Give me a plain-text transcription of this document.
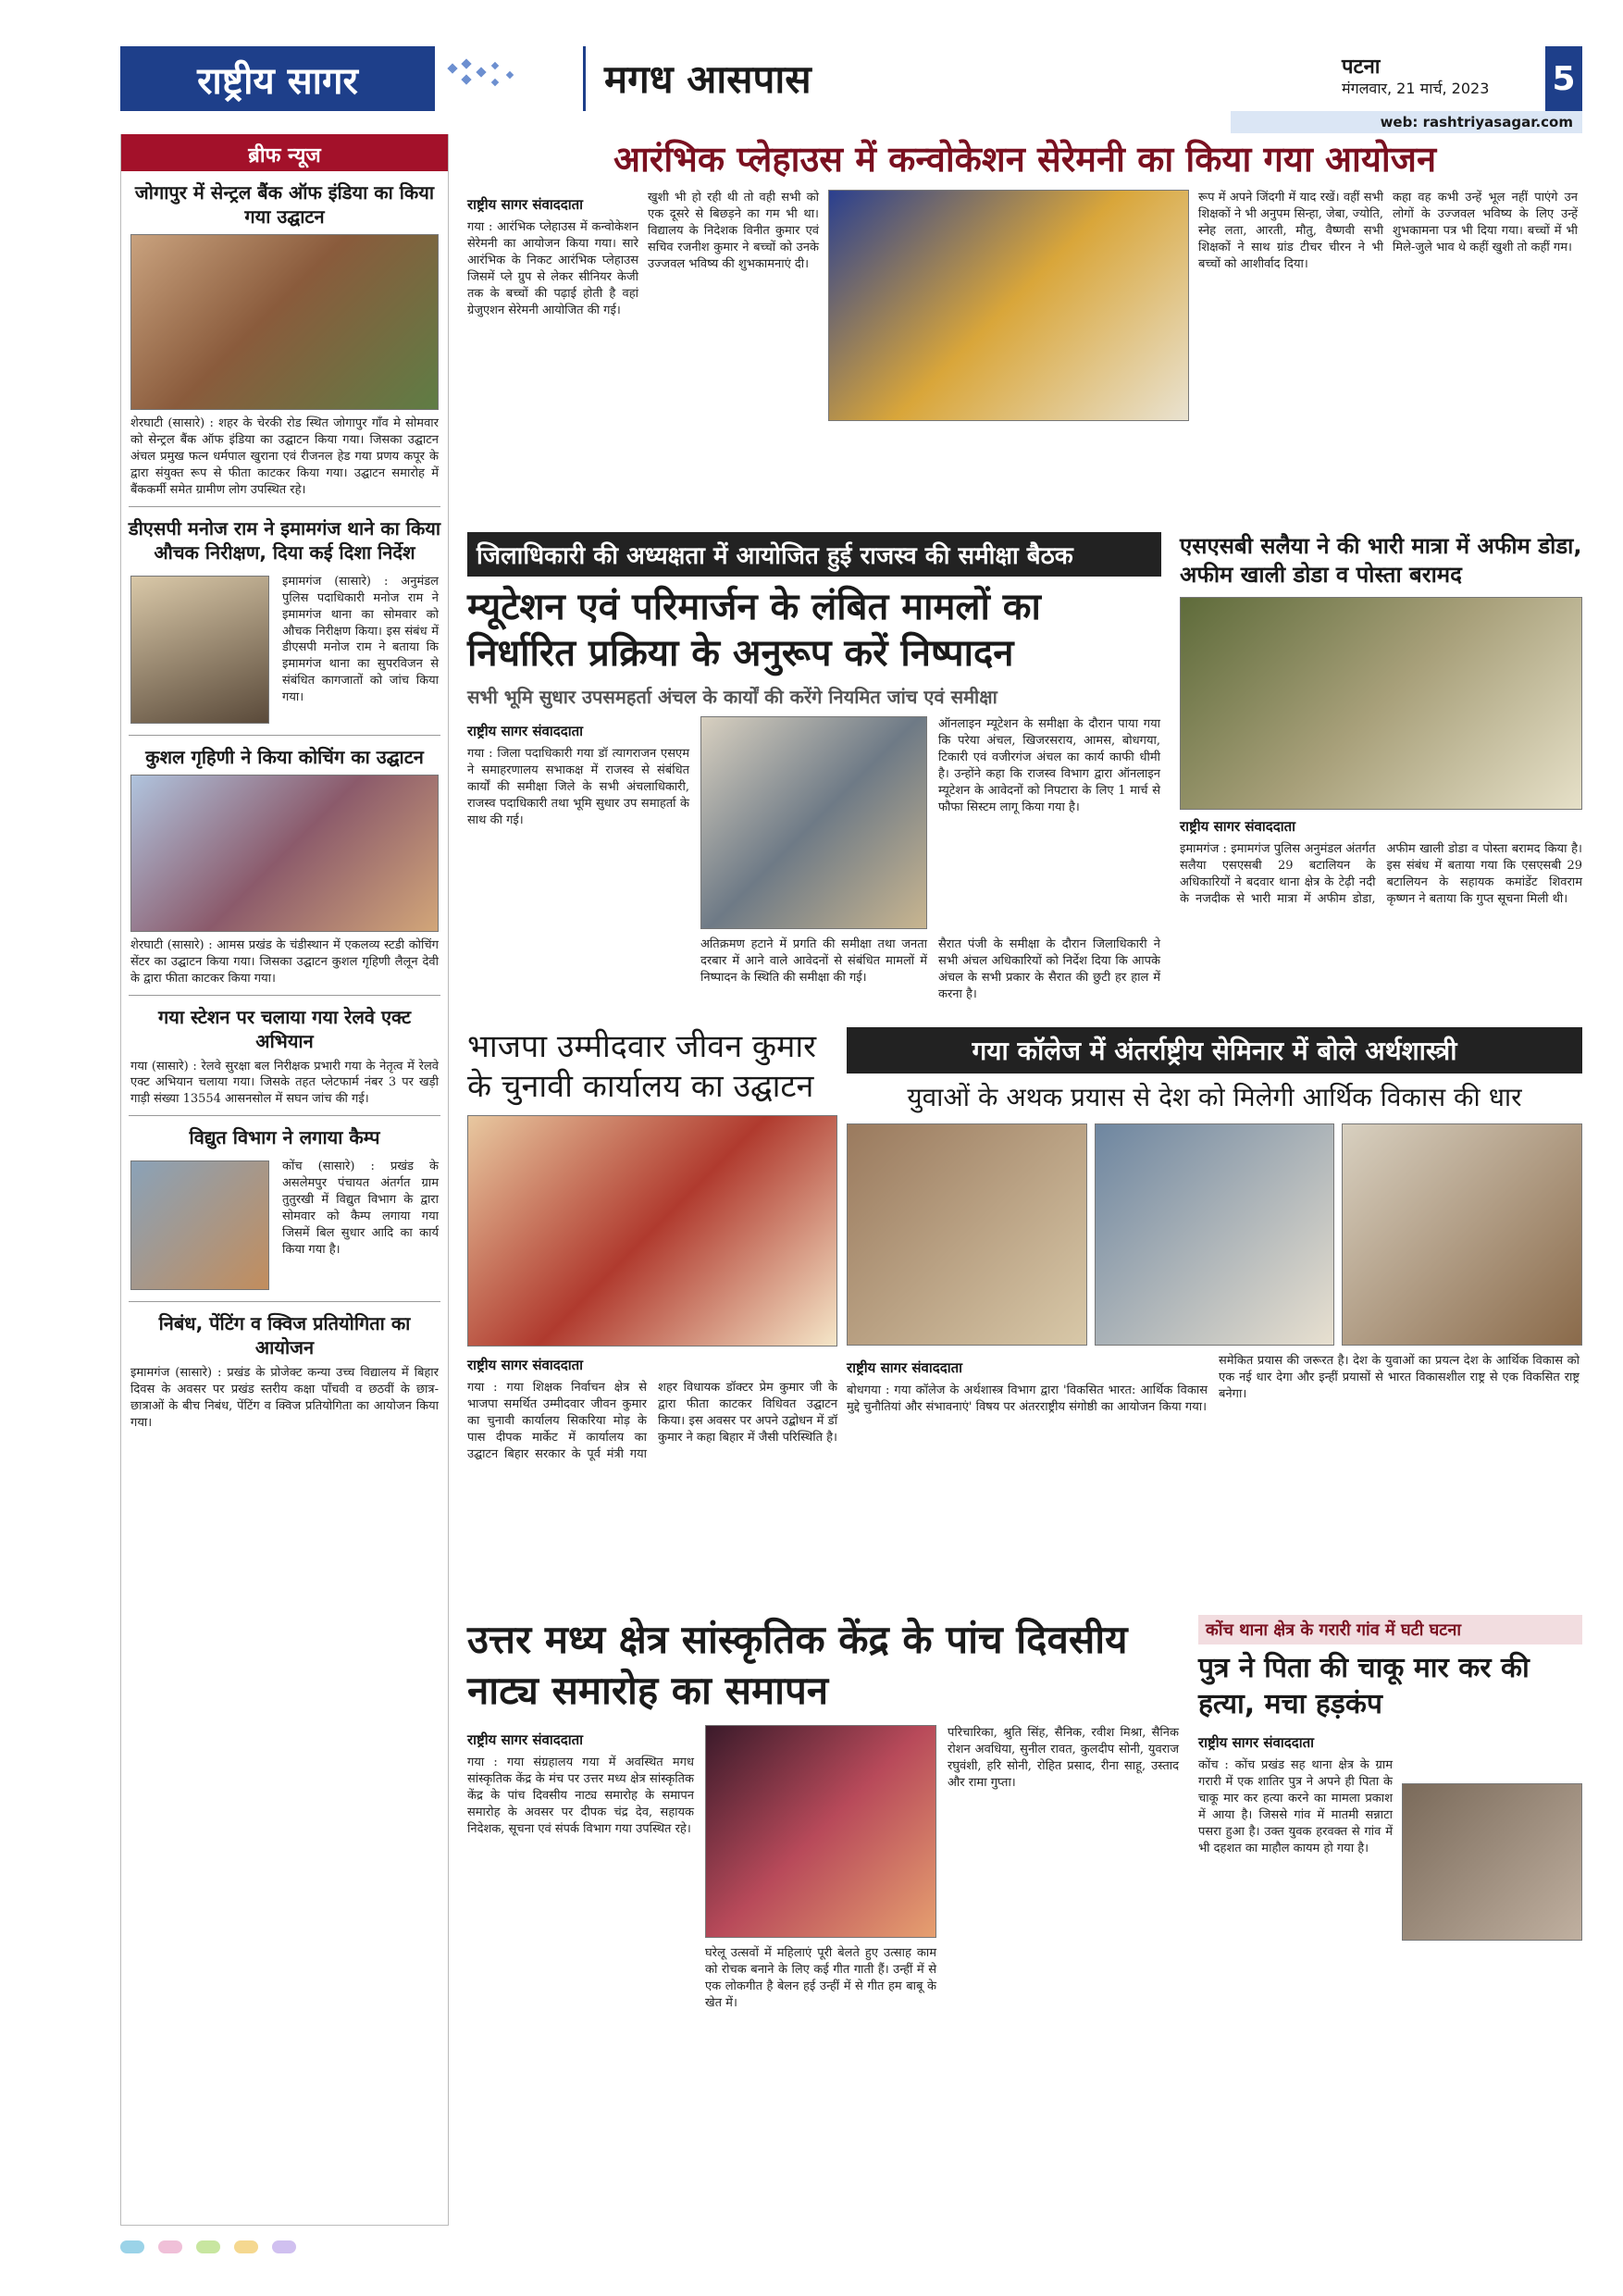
राष्ट्रीय सागर	मगध आसपास	पटना
मंगलवार, 21 मार्च, 2023 5
web: rashtriyasagar.com
ब्रीफ न्यूज
जोगापुर में सेन्ट्रल बैंक ऑफ इंडिया का किया गया उद्घाटन
शेरघाटी (सासारे) : शहर के चेरकी रोड स्थित जोगापुर गाँव मे सोमवार को सेन्ट्रल बैंक ऑफ इंडिया का उद्घाटन किया गया। जिसका उद्घाटन अंचल प्रमुख फत्न धर्मपाल खुराना एवं रीजनल हेड गया प्रणय कपूर के द्वारा संयुक्त रूप से फीता काटकर किया गया। उद्घाटन समारोह में बैंककर्मी समेत ग्रामीण लोग उपस्थित रहे।
डीएसपी मनोज राम ने इमामगंज थाने का किया औचक निरीक्षण, दिया कई दिशा निर्देश
इमामगंज (सासारे) : अनुमंडल पुलिस पदाधिकारी मनोज राम ने इमामगंज थाना का सोमवार को औचक निरीक्षण किया। इस संबंध में डीएसपी मनोज राम ने बताया कि इमामगंज थाना का सुपरविजन से संबंधित कागजातों को जांच किया गया।
कुशल गृहिणी ने किया कोचिंग का उद्घाटन
शेरघाटी (सासारे) : आमस प्रखंड के चंडीस्थान में एकलव्य स्टडी कोचिंग सेंटर का उद्घाटन किया गया। जिसका उद्घाटन कुशल गृहिणी लैलून देवी के द्वारा फीता काटकर किया गया।
गया स्टेशन पर चलाया गया रेलवे एक्ट अभियान
गया (सासारे) : रेलवे सुरक्षा बल निरीक्षक प्रभारी गया के नेतृत्व में रेलवे एक्ट अभियान चलाया गया। जिसके तहत प्लेटफार्म नंबर 3 पर खड़ी गाड़ी संख्या 13554 आसनसोल में सघन जांच की गई।
विद्युत विभाग ने लगाया कैम्प
कोंच (सासारे) : प्रखंड के असलेमपुर पंचायत अंतर्गत ग्राम तुतुरखी में विद्युत विभाग के द्वारा सोमवार को कैम्प लगाया गया जिसमें बिल सुधार आदि का कार्य किया गया है।
निबंध, पेंटिंग व क्विज प्रतियोगिता का आयोजन
इमामगंज (सासारे) : प्रखंड के प्रोजेक्ट कन्या उच्च विद्यालय में बिहार दिवस के अवसर पर प्रखंड स्तरीय कक्षा पाँचवी व छठवीं के छात्र-छात्राओं के बीच निबंध, पेंटिंग व क्विज प्रतियोगिता का आयोजन किया गया।
आरंभिक प्लेहाउस में कन्वोकेशन सेरेमनी का किया गया आयोजन
राष्ट्रीय सागर संवाददाता
गया : आरंभिक प्लेहाउस में कन्वोकेशन सेरेमनी का आयोजन किया गया। सारे आरंभिक के निकट आरंभिक प्लेहाउस जिसमें प्ले ग्रुप से लेकर सीनियर केजी तक के बच्चों की पढ़ाई होती है वहां ग्रेजुएशन सेरेमनी आयोजित की गई।
खुशी भी हो रही थी तो वही सभी को एक दूसरे से बिछड़ने का गम भी था। विद्यालय के निदेशक विनीत कुमार एवं सचिव रजनीश कुमार ने बच्चों को उनके उज्जवल भविष्य की शुभकामनाएं दी।
रूप में अपने जिंदगी में याद रखें। वहीं सभी शिक्षकों ने भी अनुपम सिन्हा, जेबा, ज्योति, स्नेह लता, आरती, मौतु, वैष्णवी सभी शिक्षकों ने साथ ग्रांड टीचर चीरन ने भी बच्चों को आशीर्वाद दिया।
कहा वह कभी उन्हें भूल नहीं पाएंगे उन लोगों के उज्जवल भविष्य के लिए उन्हें शुभकामना पत्र भी दिया गया। बच्चों में भी मिले-जुले भाव थे कहीं खुशी तो कहीं गम।
जिलाधिकारी की अध्यक्षता में आयोजित हुई राजस्व की समीक्षा बैठक
म्यूटेशन एवं परिमार्जन के लंबित मामलों का निर्धारित प्रक्रिया के अनुरूप करें निष्पादन
सभी भूमि सुधार उपसमहर्ता अंचल के कार्यों की करेंगे नियमित जांच एवं समीक्षा
राष्ट्रीय सागर संवाददाता
गया : जिला पदाधिकारी गया डॉ त्यागराजन एसएम ने समाहरणालय सभाकक्ष में राजस्व से संबंधित कार्यों की समीक्षा जिले के सभी अंचलाधिकारी, राजस्व पदाधिकारी तथा भूमि सुधार उप समाहर्ता के साथ की गई।
ऑनलाइन म्यूटेशन के समीक्षा के दौरान पाया गया कि परेया अंचल, खिजरसराय, आमस, बोधगया, टिकारी एवं वजीरगंज अंचल का कार्य काफी धीमी है। उन्होंने कहा कि राजस्व विभाग द्वारा ऑनलाइन म्यूटेशन के आवेदनों को निपटारा के लिए 1 मार्च से फौफा सिस्टम लागू किया गया है।
अतिक्रमण हटाने में प्रगति की समीक्षा तथा जनता दरबार में आने वाले आवेदनों से संबंधित मामलों में निष्पादन के स्थिति की समीक्षा की गई।
सैरात पंजी के समीक्षा के दौरान जिलाधिकारी ने सभी अंचल अधिकारियों को निर्देश दिया कि आपके अंचल के सभी प्रकार के सैरात की छुटी हर हाल में करना है।
एसएसबी सलैया ने की भारी मात्रा में अफीम डोडा, अफीम खाली डोडा व पोस्ता बरामद
राष्ट्रीय सागर संवाददाता
इमामगंज : इमामगंज पुलिस अनुमंडल अंतर्गत सलैया एसएसबी 29 बटालियन के अधिकारियों ने बदवार थाना क्षेत्र के टेढ़ी नदी के नजदीक से भारी मात्रा में अफीम डोडा, अफीम खाली डोडा व पोस्ता बरामद किया है। इस संबंध में बताया गया कि एसएसबी 29 बटालियन के सहायक कमांडेंट शिवराम कृष्णन ने बताया कि गुप्त सूचना मिली थी।
भाजपा उम्मीदवार जीवन कुमार के चुनावी कार्यालय का उद्घाटन
राष्ट्रीय सागर संवाददाता
गया : गया शिक्षक निर्वाचन क्षेत्र से भाजपा समर्थित उम्मीदवार जीवन कुमार का चुनावी कार्यालय सिकरिया मोड़ के पास दीपक मार्केट में कार्यालय का उद्घाटन बिहार सरकार के पूर्व मंत्री गया शहर विधायक डॉक्टर प्रेम कुमार जी के द्वारा फीता काटकर विधिवत उद्घाटन किया। इस अवसर पर अपने उद्बोधन में डॉ कुमार ने कहा बिहार में जैसी परिस्थिति है।
गया कॉलेज में अंतर्राष्ट्रीय सेमिनार में बोले अर्थशास्त्री
युवाओं के अथक प्रयास से देश को मिलेगी आर्थिक विकास की धार
राष्ट्रीय सागर संवाददाता
बोधगया : गया कॉलेज के अर्थशास्त्र विभाग द्वारा 'विकसित भारत: आर्थिक विकास मुद्दे चुनौतियां और संभावनाएं' विषय पर अंतरराष्ट्रीय संगोष्ठी का आयोजन किया गया।
समेकित प्रयास की जरूरत है। देश के युवाओं का प्रयत्न देश के आर्थिक विकास को एक नई धार देगा और इन्हीं प्रयासों से भारत विकासशील राष्ट्र से एक विकसित राष्ट्र बनेगा।
उत्तर मध्य क्षेत्र सांस्कृतिक केंद्र के पांच दिवसीय नाट्य समारोह का समापन
राष्ट्रीय सागर संवाददाता
गया : गया संग्रहालय गया में अवस्थित मगध सांस्कृतिक केंद्र के मंच पर उत्तर मध्य क्षेत्र सांस्कृतिक केंद्र के पांच दिवसीय नाट्य समारोह के समापन समारोह के अवसर पर दीपक चंद्र देव, सहायक निदेशक, सूचना एवं संपर्क विभाग गया उपस्थित रहे।
घरेलू उत्सवों में महिलाएं पूरी बेलते हुए उत्साह काम को रोचक बनाने के लिए कई गीत गाती हैं। उन्हीं में से एक लोकगीत है बेलन हई उन्हीं में से गीत हम बाबू के खेत में।
परिचारिका, श्रुति सिंह, सैनिक, रवीश मिश्रा, सैनिक रोशन अवधिया, सुनील रावत, कुलदीप सोनी, युवराज रघुवंशी, हरि सोनी, रोहित प्रसाद, रीना साहू, उस्ताद और रामा गुप्ता।
कोंच थाना क्षेत्र के गरारी गांव में घटी घटना
पुत्र ने पिता की चाकू मार कर की हत्या, मचा हड़कंप
राष्ट्रीय सागर संवाददाता
कोंच : कोंच प्रखंड सह थाना क्षेत्र के ग्राम गरारी में एक शातिर पुत्र ने अपने ही पिता के चाकू मार कर हत्या करने का मामला प्रकाश में आया है। जिससे गांव में मातमी सन्नाटा पसरा हुआ है। उक्त युवक हरवक्त से गांव में भी दहशत का माहौल कायम हो गया है।
